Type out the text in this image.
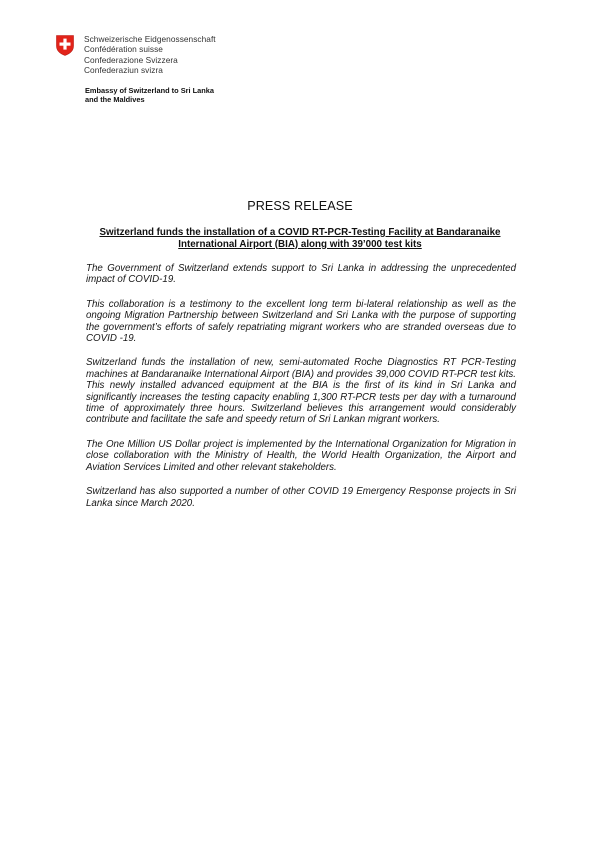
Schweizerische Eidgenossenschaft
Confédération suisse
Confederazione Svizzera
Confederaziun svizra
Embassy of Switzerland to Sri Lanka
and the Maldives
PRESS RELEASE
Switzerland funds the installation of a COVID RT-PCR-Testing Facility at Bandaranaike International Airport (BIA) along with 39’000 test kits

The Government of Switzerland extends support to Sri Lanka in addressing the unprecedented impact of COVID-19.

This collaboration is a testimony to the excellent long term bi-lateral relationship as well as the ongoing Migration Partnership between Switzerland and Sri Lanka with the purpose of supporting the government’s efforts of safely repatriating migrant workers who are stranded overseas due to COVID -19.

Switzerland funds the installation of new, semi-automated Roche Diagnostics RT PCR-Testing machines at Bandaranaike International Airport (BIA) and provides 39,000 COVID RT-PCR test kits. This newly installed advanced equipment at the BIA is the first of its kind in Sri Lanka and significantly increases the testing capacity enabling 1,300 RT-PCR tests per day with a turnaround time of approximately three hours. Switzerland believes this arrangement would considerably contribute and facilitate the safe and speedy return of Sri Lankan migrant workers.

The One Million US Dollar project is implemented by the International Organization for Migration in close collaboration with the Ministry of Health, the World Health Organization, the Airport and Aviation Services Limited and other relevant stakeholders.

Switzerland has also supported a number of other COVID 19 Emergency Response projects in Sri Lanka since March 2020.
